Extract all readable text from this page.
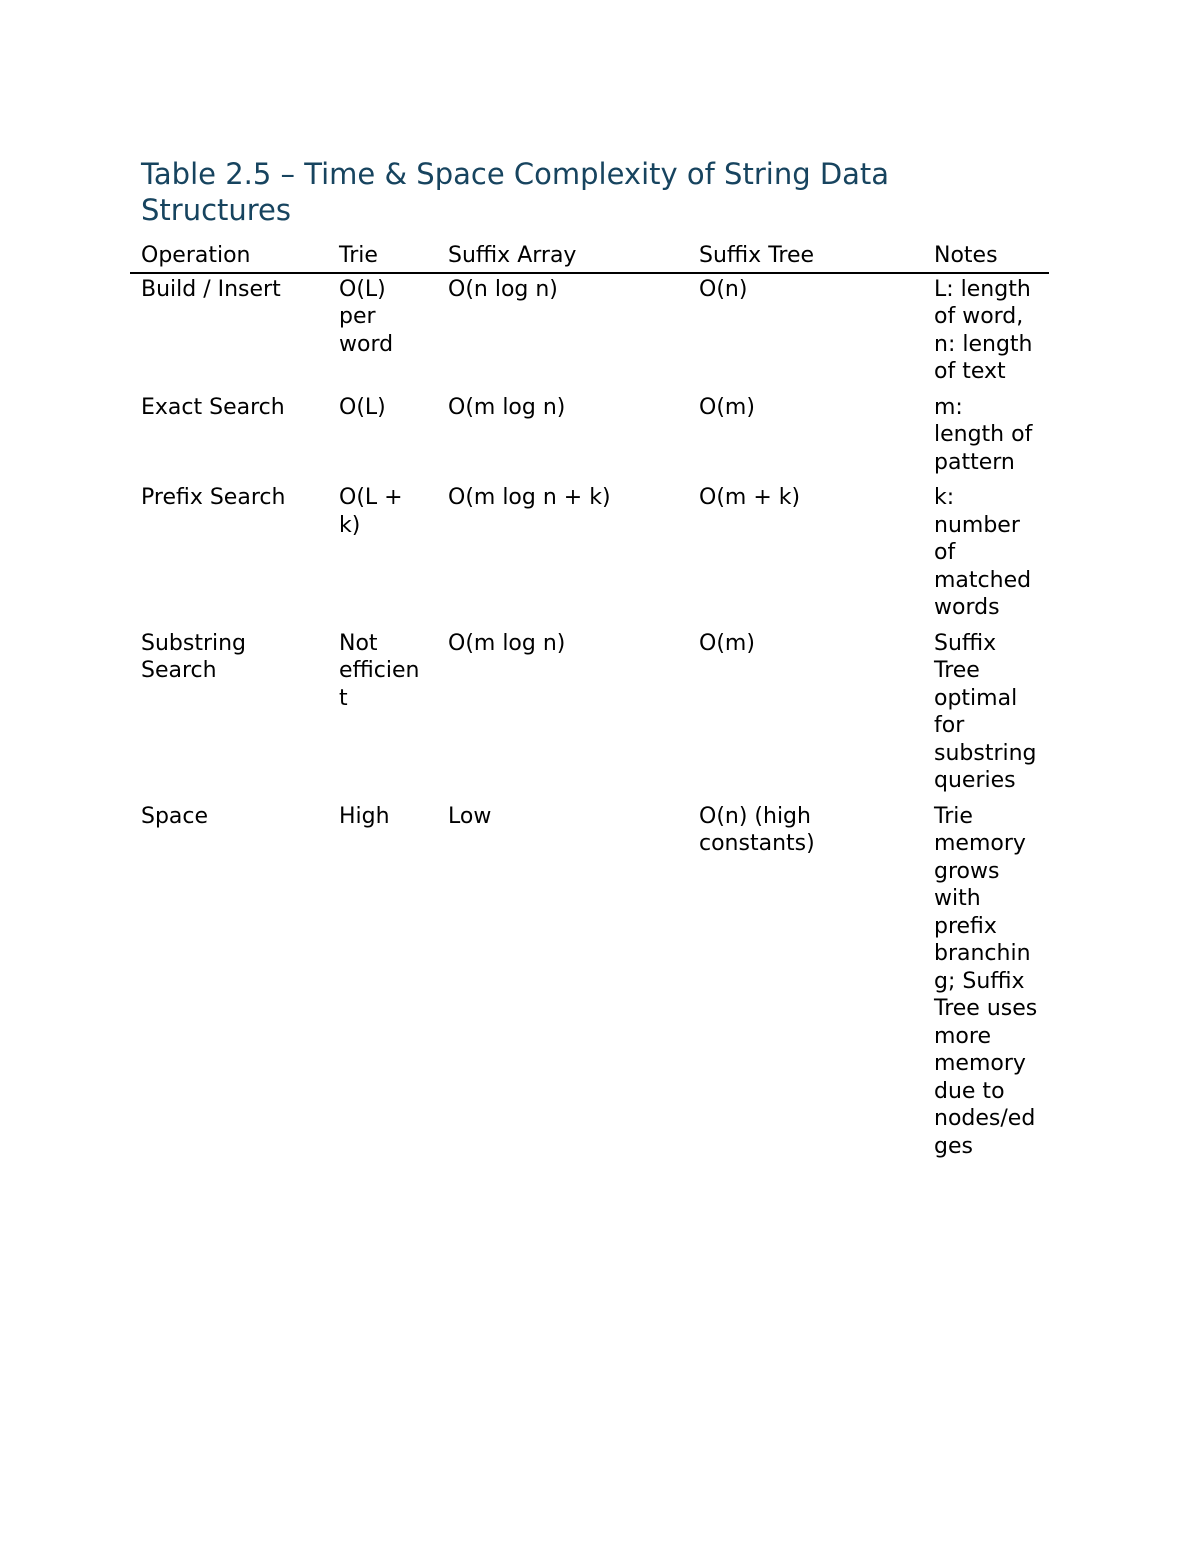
Table 2.5 – Time & Space Complexity of String Data Structures
Operation	Trie	Suffix Array	Suffix Tree	Notes
Build / Insert	O(L) per word	O(n log n)	O(n)	L: length of word, n: length of text
Exact Search	O(L)	O(m log n)	O(m)	m: length of pattern
Prefix Search	O(L + k)	O(m log n + k)	O(m + k)	k: number of matched words
Substring Search	Not efficient	O(m log n)	O(m)	Suffix Tree optimal for substring queries
Space	High	Low	O(n) (high constants)	Trie memory grows with prefix branching; Suffix Tree uses more memory due to nodes/edges
